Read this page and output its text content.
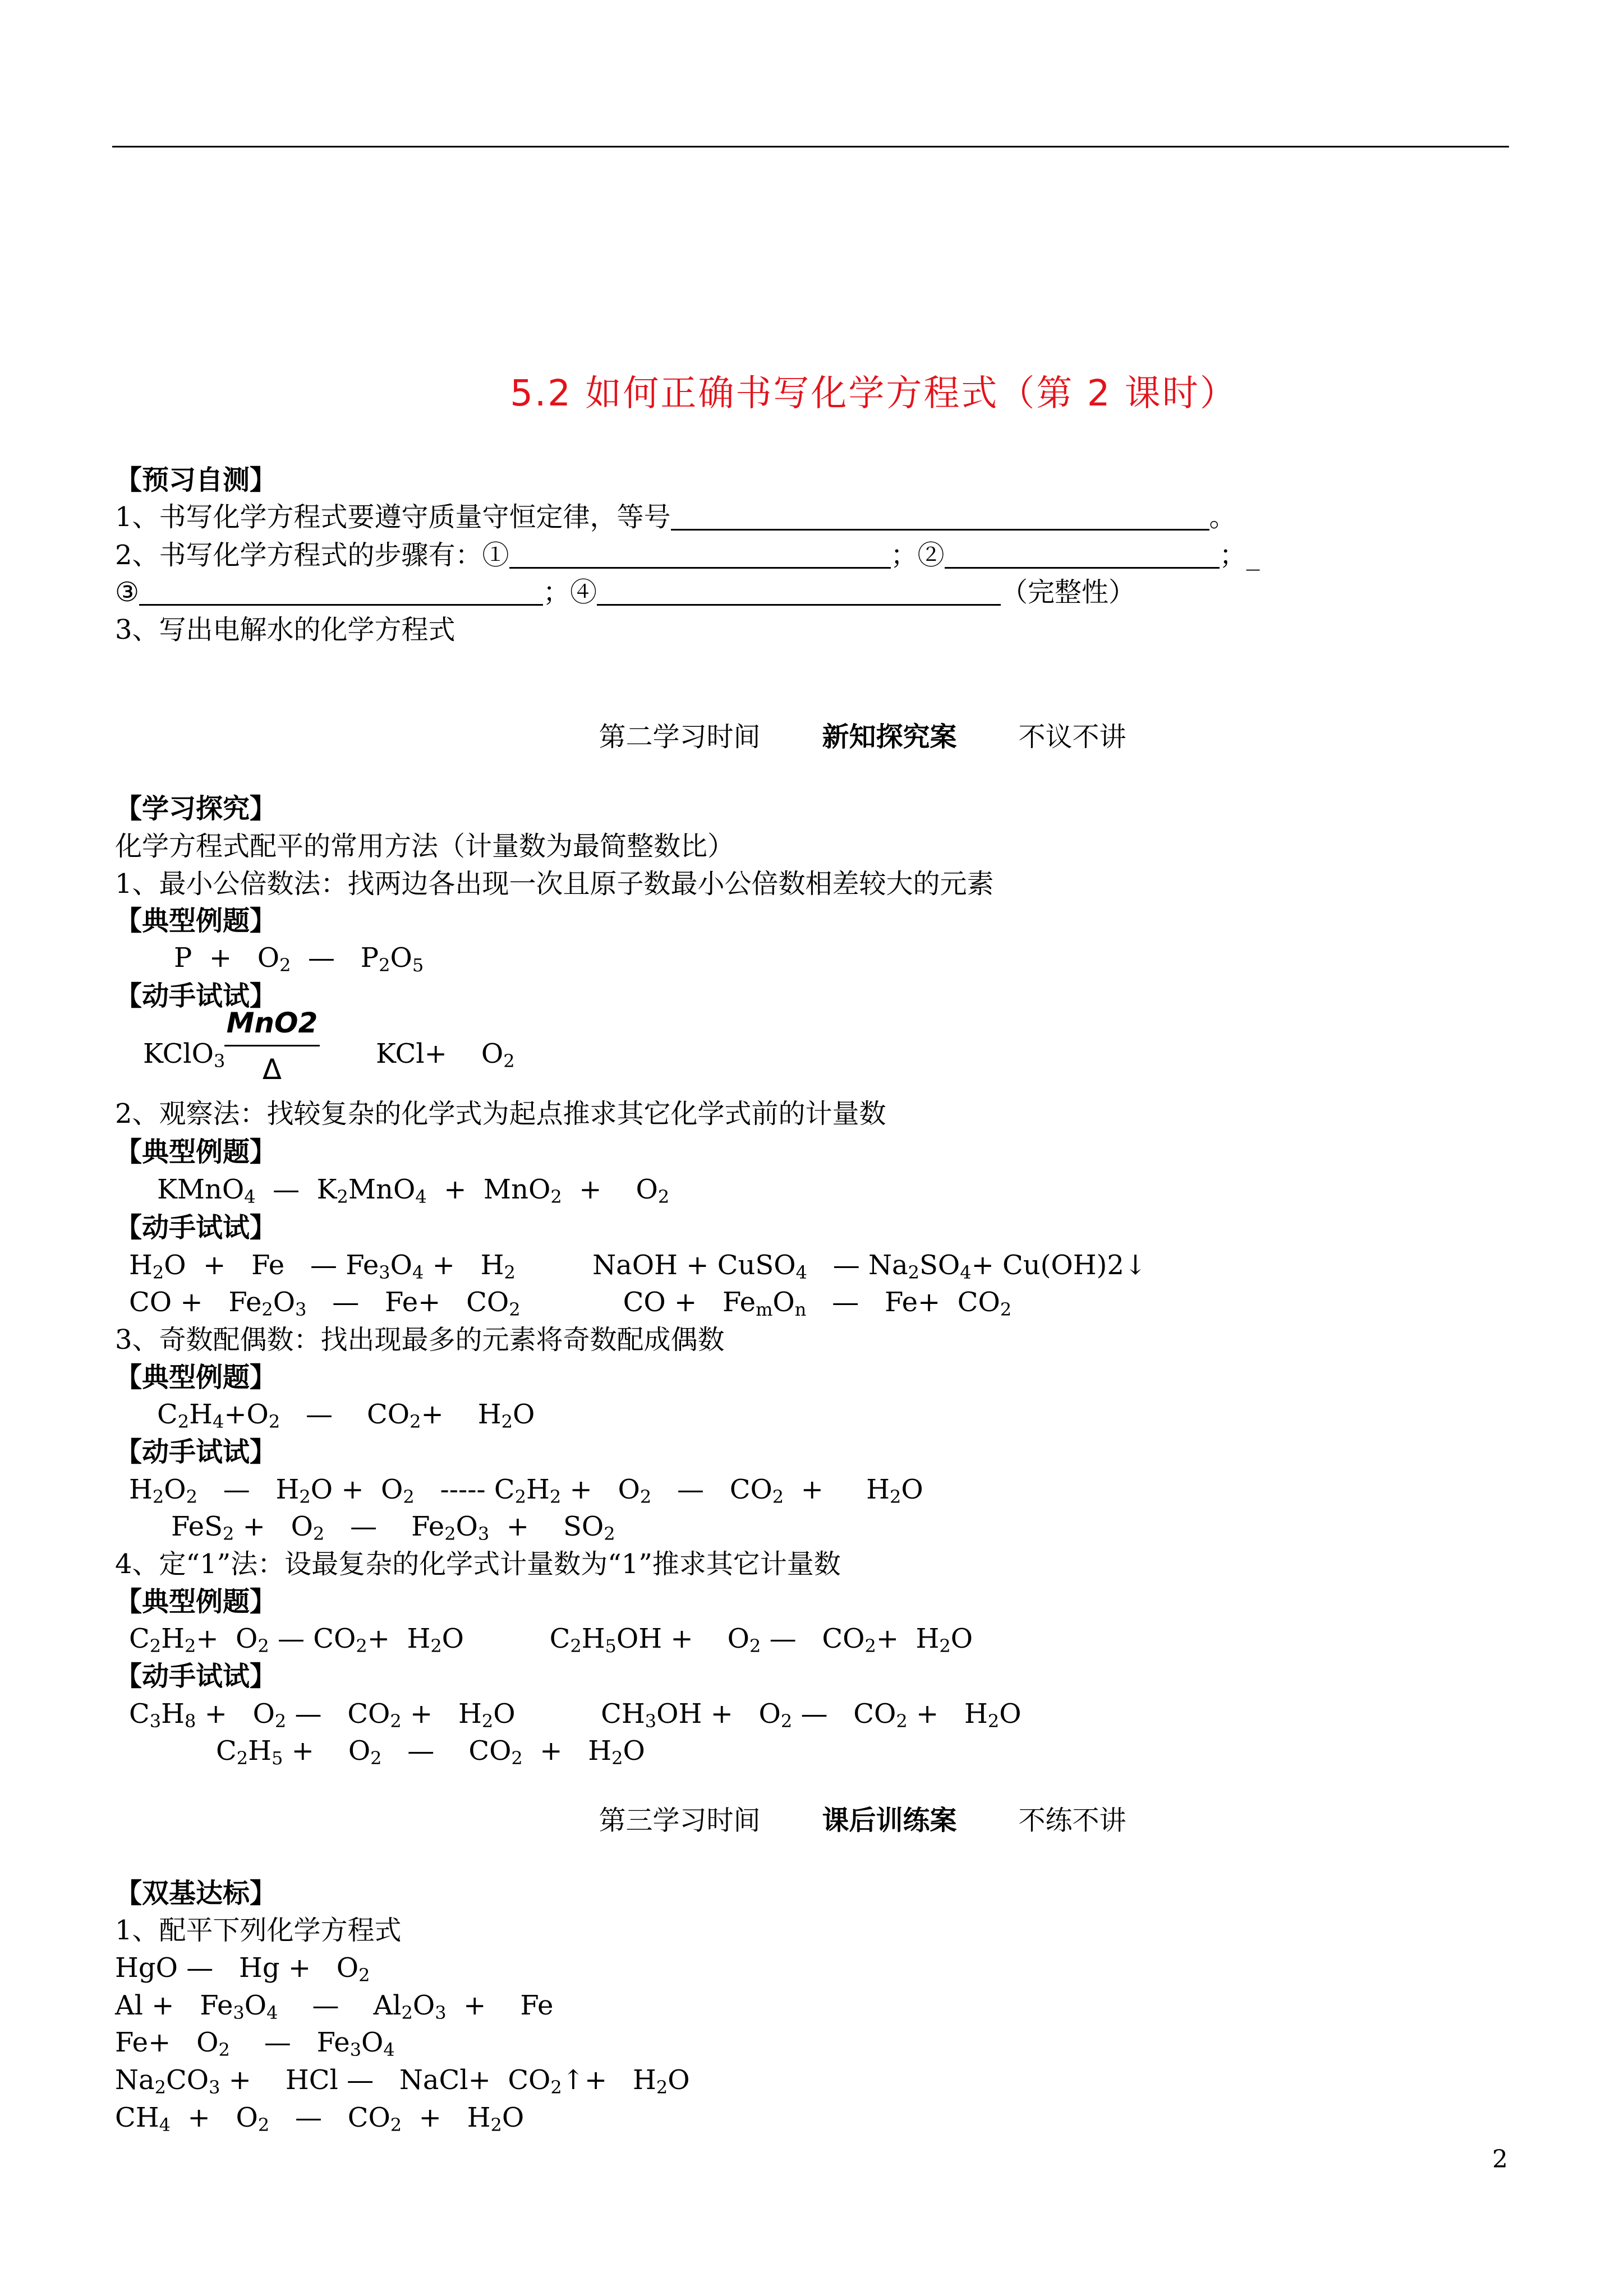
5.2 如何正确书写化学方程式（第 2 课时）
【预习自测】
1、书写化学方程式要遵守质量守恒定律，等号	。
2、书写化学方程式的步骤有：①	；②	；_
③	；④	（完整性）
3、写出电解水的化学方程式
第二学习时间 新知探究案 不议不讲
【学习探究】
化学方程式配平的常用方法（计量数为最简整数比）
1、最小公倍数法：找两边各出现一次且原子数最小公倍数相差较大的元素
【典型例题】
$P + O_2$  —   $P_2O_5$
【动手试试】
KClO$_3$
MnO2
Δ	KCl+    $O_2$
2、观察法：找较复杂的化学式为起点推求其它化学式前的计量数
【典型例题】
KMnO$_4$  —  $K_2MnO_4 + MnO_2$  +    $O_2$
【动手试试】
$H_2O + Fe$   — $Fe_3O_4 + H_2$         NaOH + CuSO$_4$   — $Na_2SO_4+$ Cu(OH)2↓
CO +   $Fe_2O_3$   —   $Fe+ CO_2$            CO +   $Fe_mO_n$   —   $Fe+ CO_2$
3、奇数配偶数：找出现最多的元素将奇数配成偶数
【典型例题】
$C_2H_4+O_2$   —    $CO_2+$    $H_2O$
【动手试试】
$H_2O_2$   —   $H_2O + O_2$   ----- $C_2H_2 + O_2$   —   $CO_2$  +     $H_2O$
$FeS_2 + O_2$   —    $Fe_2O_3$  +    $SO_2$
4、定“1”法：设最复杂的化学式计量数为“1”推求其它计量数
【典型例题】
$C_2H_2+ O_2$ — $CO_2+ H_2O$          $C_2H_5OH$ +    $O_2$ —   $CO_2+ H_2O$
【动手试试】
$C_3H_8 + O_2$ —   $CO_2 + H_2O$          $CH_3OH + O_2$ —   $CO_2 + H_2O$
$C_2H_5$ +    $O_2$   —    $CO_2 + H_2O$
第三学习时间 课后训练案 不练不讲
【双基达标】
1、配平下列化学方程式
HgO —   $Hg + O_2$
$Al + Fe_3O_4$    —    $Al_2O_3$  +    Fe
$Fe+ O_2$    —   $Fe_3O_4$
$Na_2CO_3$ +    HCl —   NaCl+  $CO_2↑+ H_2O$
$CH_4 + O_2$   —   $CO_2 + H_2O$
2
